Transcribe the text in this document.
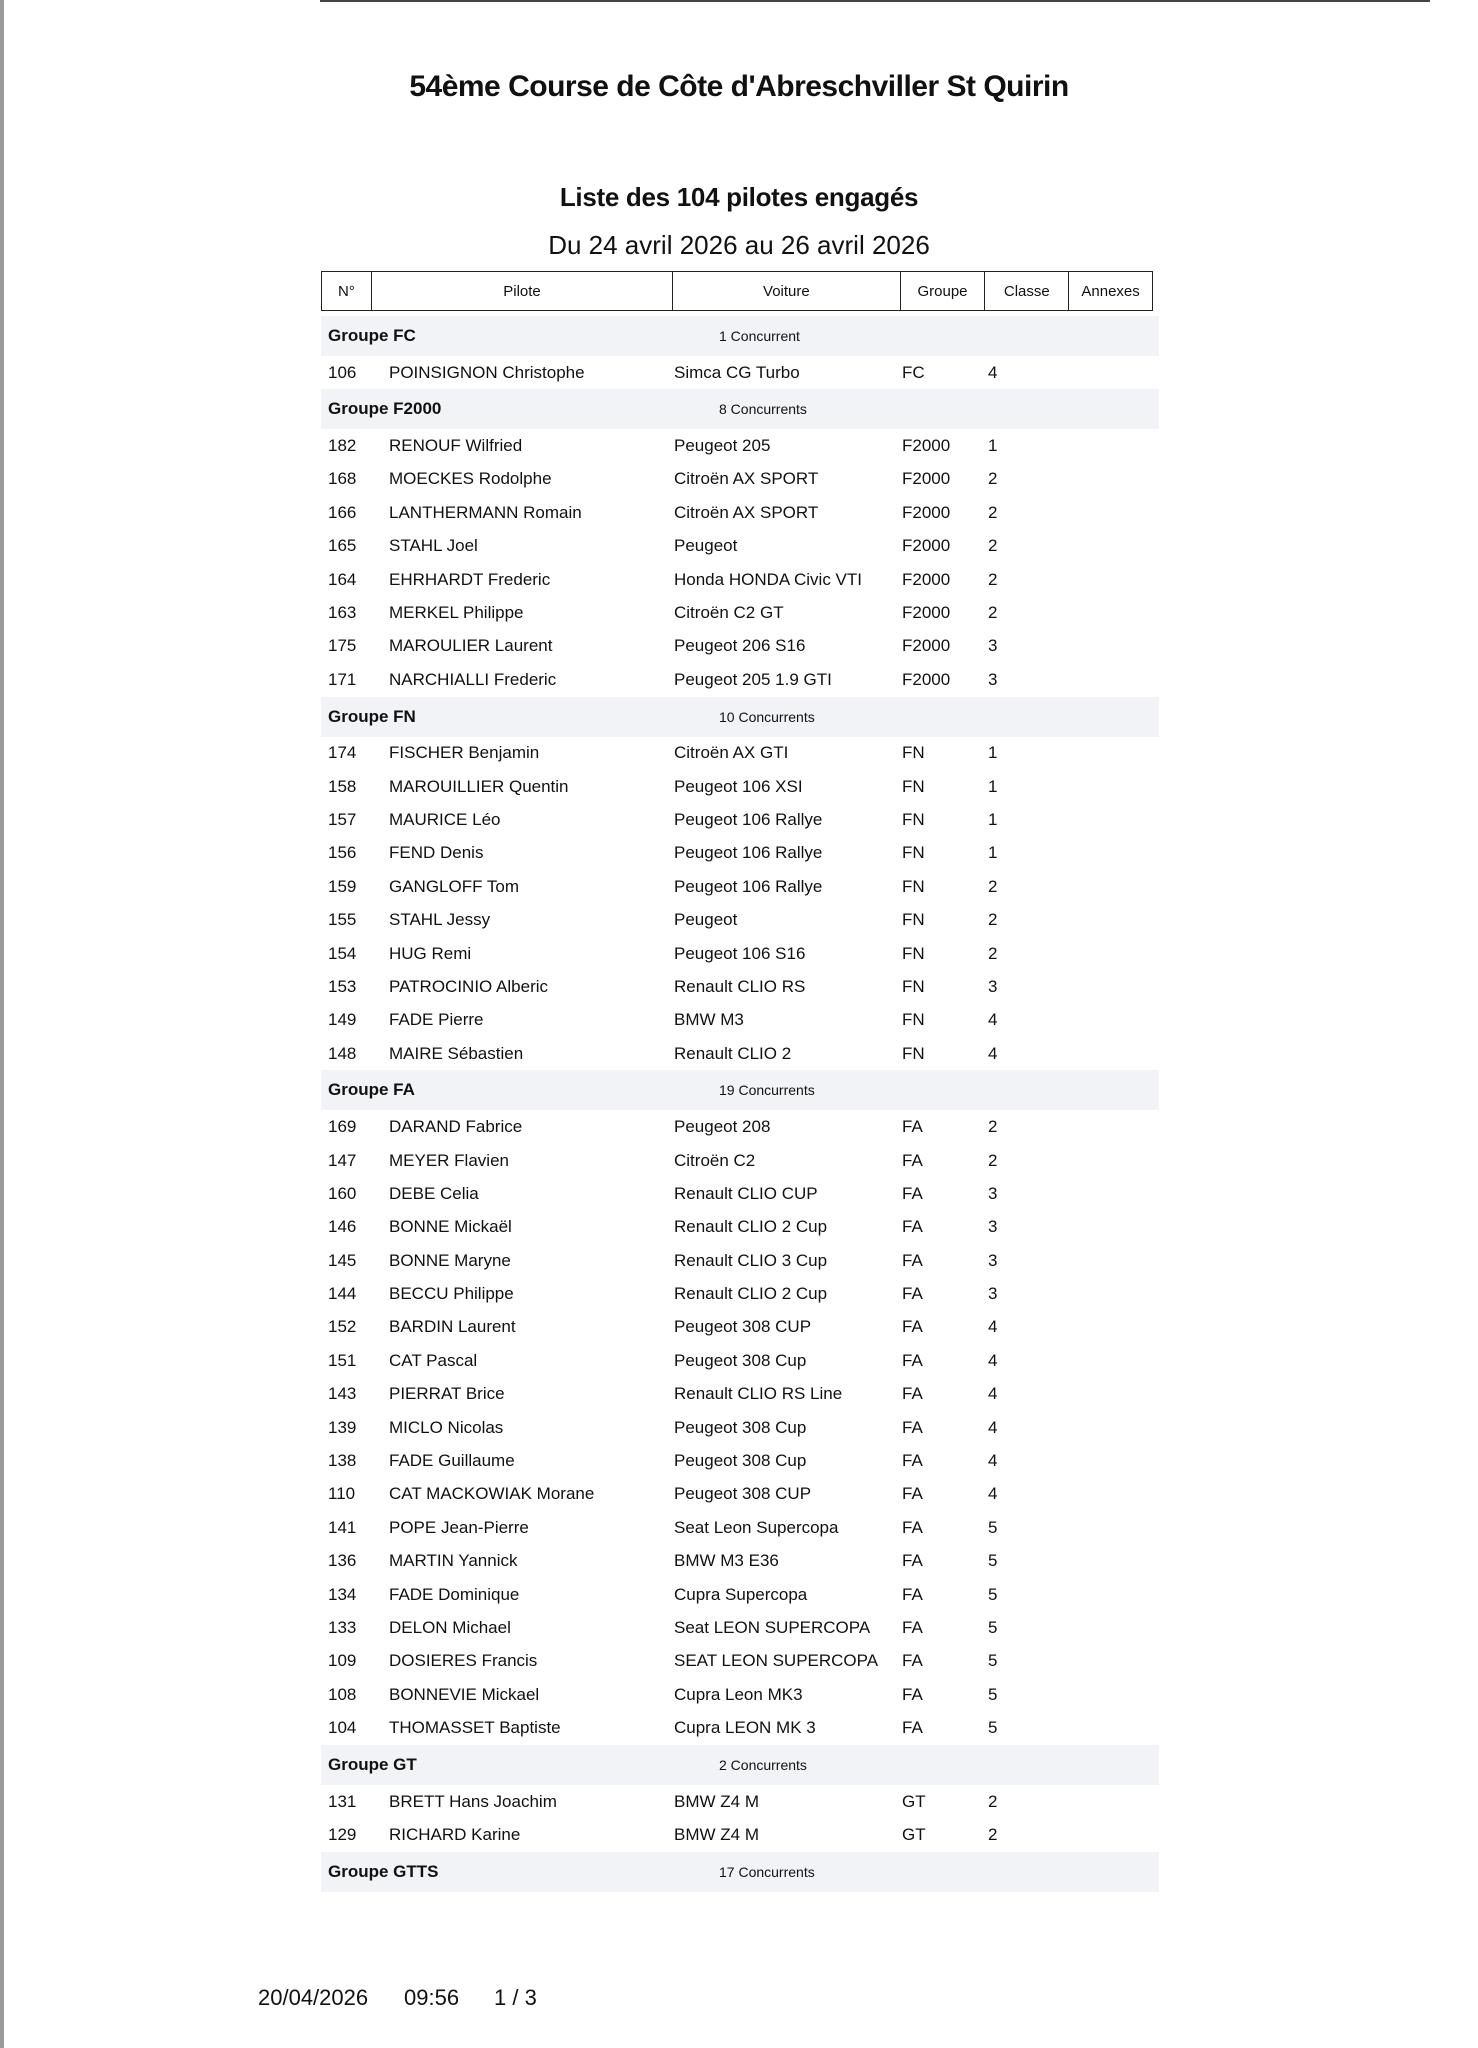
54ème Course de Côte d'Abreschviller St Quirin
Liste des 104 pilotes engagés
Du 24 avril 2026 au 26 avril 2026
N°	Pilote	Voiture	Groupe	Classe	Annexes
Groupe FC	1 Concurrent
106	POINSIGNON Christophe	Simca CG Turbo	FC	4
Groupe F2000	8 Concurrents
182	RENOUF Wilfried	Peugeot 205	F2000	1
168	MOECKES Rodolphe	Citroën AX SPORT	F2000	2
166	LANTHERMANN Romain	Citroën AX SPORT	F2000	2
165	STAHL Joel	Peugeot	F2000	2
164	EHRHARDT Frederic	Honda HONDA Civic VTI	F2000	2
163	MERKEL Philippe	Citroën C2 GT	F2000	2
175	MAROULIER Laurent	Peugeot 206 S16	F2000	3
171	NARCHIALLI Frederic	Peugeot 205 1.9 GTI	F2000	3
Groupe FN	10 Concurrents
174	FISCHER Benjamin	Citroën AX GTI	FN	1
158	MAROUILLIER Quentin	Peugeot 106 XSI	FN	1
157	MAURICE Léo	Peugeot 106 Rallye	FN	1
156	FEND Denis	Peugeot 106 Rallye	FN	1
159	GANGLOFF Tom	Peugeot 106 Rallye	FN	2
155	STAHL Jessy	Peugeot	FN	2
154	HUG Remi	Peugeot 106 S16	FN	2
153	PATROCINIO Alberic	Renault CLIO RS	FN	3
149	FADE Pierre	BMW M3	FN	4
148	MAIRE Sébastien	Renault CLIO 2	FN	4
Groupe FA	19 Concurrents
169	DARAND Fabrice	Peugeot 208	FA	2
147	MEYER Flavien	Citroën C2	FA	2
160	DEBE Celia	Renault CLIO CUP	FA	3
146	BONNE Mickaël	Renault CLIO 2 Cup	FA	3
145	BONNE Maryne	Renault CLIO 3 Cup	FA	3
144	BECCU Philippe	Renault CLIO 2 Cup	FA	3
152	BARDIN Laurent	Peugeot 308 CUP	FA	4
151	CAT Pascal	Peugeot 308 Cup	FA	4
143	PIERRAT Brice	Renault CLIO RS Line	FA	4
139	MICLO Nicolas	Peugeot 308 Cup	FA	4
138	FADE Guillaume	Peugeot 308 Cup	FA	4
110	CAT MACKOWIAK Morane	Peugeot 308 CUP	FA	4
141	POPE Jean-Pierre	Seat Leon Supercopa	FA	5
136	MARTIN Yannick	BMW M3 E36	FA	5
134	FADE Dominique	Cupra Supercopa	FA	5
133	DELON Michael	Seat LEON SUPERCOPA	FA	5
109	DOSIERES Francis	SEAT LEON SUPERCOPA	FA	5
108	BONNEVIE Mickael	Cupra Leon MK3	FA	5
104	THOMASSET Baptiste	Cupra LEON MK 3	FA	5
Groupe GT	2 Concurrents
131	BRETT Hans Joachim	BMW Z4 M	GT	2
129	RICHARD Karine	BMW Z4 M	GT	2
Groupe GTTS	17 Concurrents
20/04/2026 09:56 1 / 3
